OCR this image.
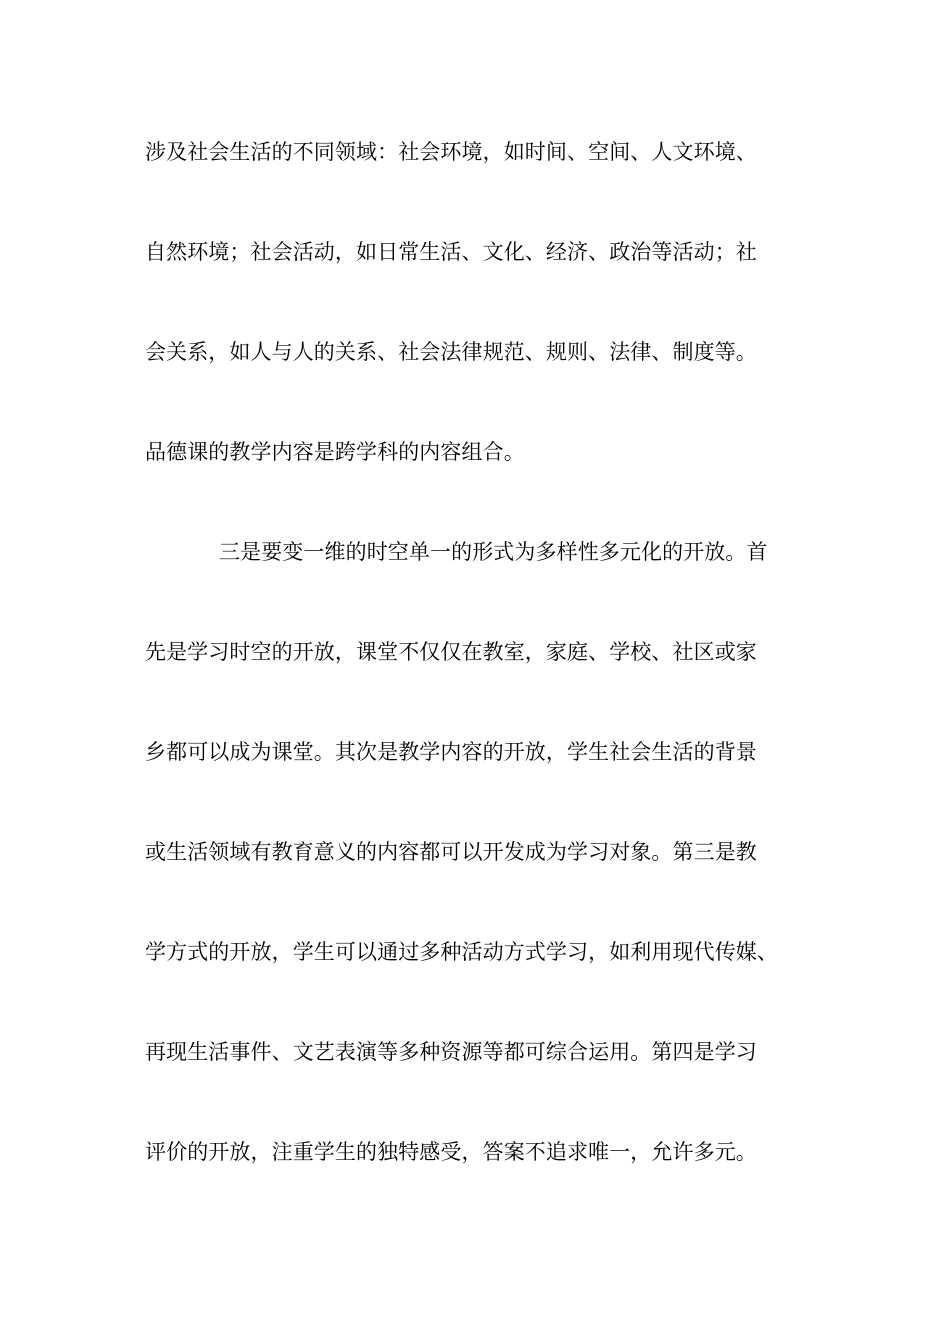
涉及社会生活的不同领域：社会环境，如时间、空间、人文环境、
自然环境；社会活动，如日常生活、文化、经济、政治等活动；社
会关系，如人与人的关系、社会法律规范、规则、法律、制度等。
品德课的教学内容是跨学科的内容组合。
三是要变一维的时空单一的形式为多样性多元化的开放。首
先是学习时空的开放，课堂不仅仅在教室，家庭、学校、社区或家
乡都可以成为课堂。其次是教学内容的开放，学生社会生活的背景
或生活领域有教育意义的内容都可以开发成为学习对象。第三是教
学方式的开放，学生可以通过多种活动方式学习，如利用现代传媒、
再现生活事件、文艺表演等多种资源等都可综合运用。第四是学习
评价的开放，注重学生的独特感受，答案不追求唯一，允许多元。
